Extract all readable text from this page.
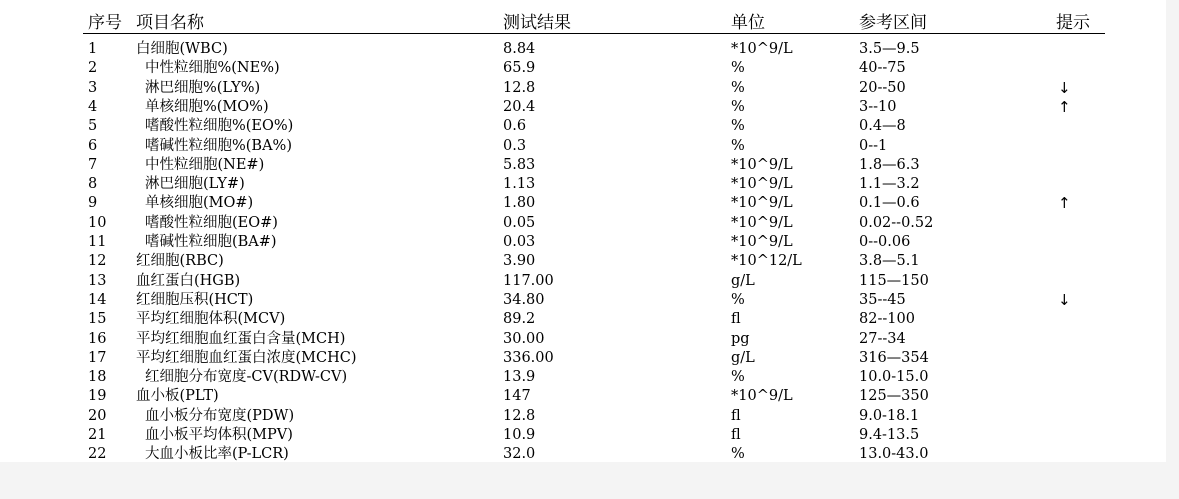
序号 项目名称	测试结果	单位	参考区间	提示
1	白细胞(WBC)	8.84	*10^9/L	3.5—9.5
2	中性粒细胞%(NE%)	65.9	%	40--75
3	淋巴细胞%(LY%)	12.8	%	20--50	↓
4	单核细胞%(MO%)	20.4	%	3--10	↑
5	嗜酸性粒细胞%(EO%)	0.6	%	0.4—8
6	嗜碱性粒细胞%(BA%)	0.3	%	0--1
7	中性粒细胞(NE#)	5.83	*10^9/L	1.8—6.3
8	淋巴细胞(LY#)	1.13	*10^9/L	1.1—3.2
9	单核细胞(MO#)	1.80	*10^9/L	0.1—0.6	↑
10	嗜酸性粒细胞(EO#)	0.05	*10^9/L	0.02--0.52
11	嗜碱性粒细胞(BA#)	0.03	*10^9/L	0--0.06
12 红细胞(RBC)	3.90	*10^12/L	3.8—5.1
13 血红蛋白(HGB)	117.00	g/L	115—150
14 红细胞压积(HCT)	34.80	%	35--45	↓
15 平均红细胞体积(MCV)	89.2	fl	82--100
16 平均红细胞血红蛋白含量(MCH)	30.00	pg	27--34
17 平均红细胞血红蛋白浓度(MCHC)	336.00	g/L	316—354
18	红细胞分布宽度-CV(RDW-CV)	13.9	%	10.0-15.0
19 血小板(PLT)	147	*10^9/L	125—350
20	血小板分布宽度(PDW)	12.8	fl	9.0-18.1
21	血小板平均体积(MPV)	10.9	fl	9.4-13.5
22	大血小板比率(P-LCR)	32.0	%	13.0-43.0
